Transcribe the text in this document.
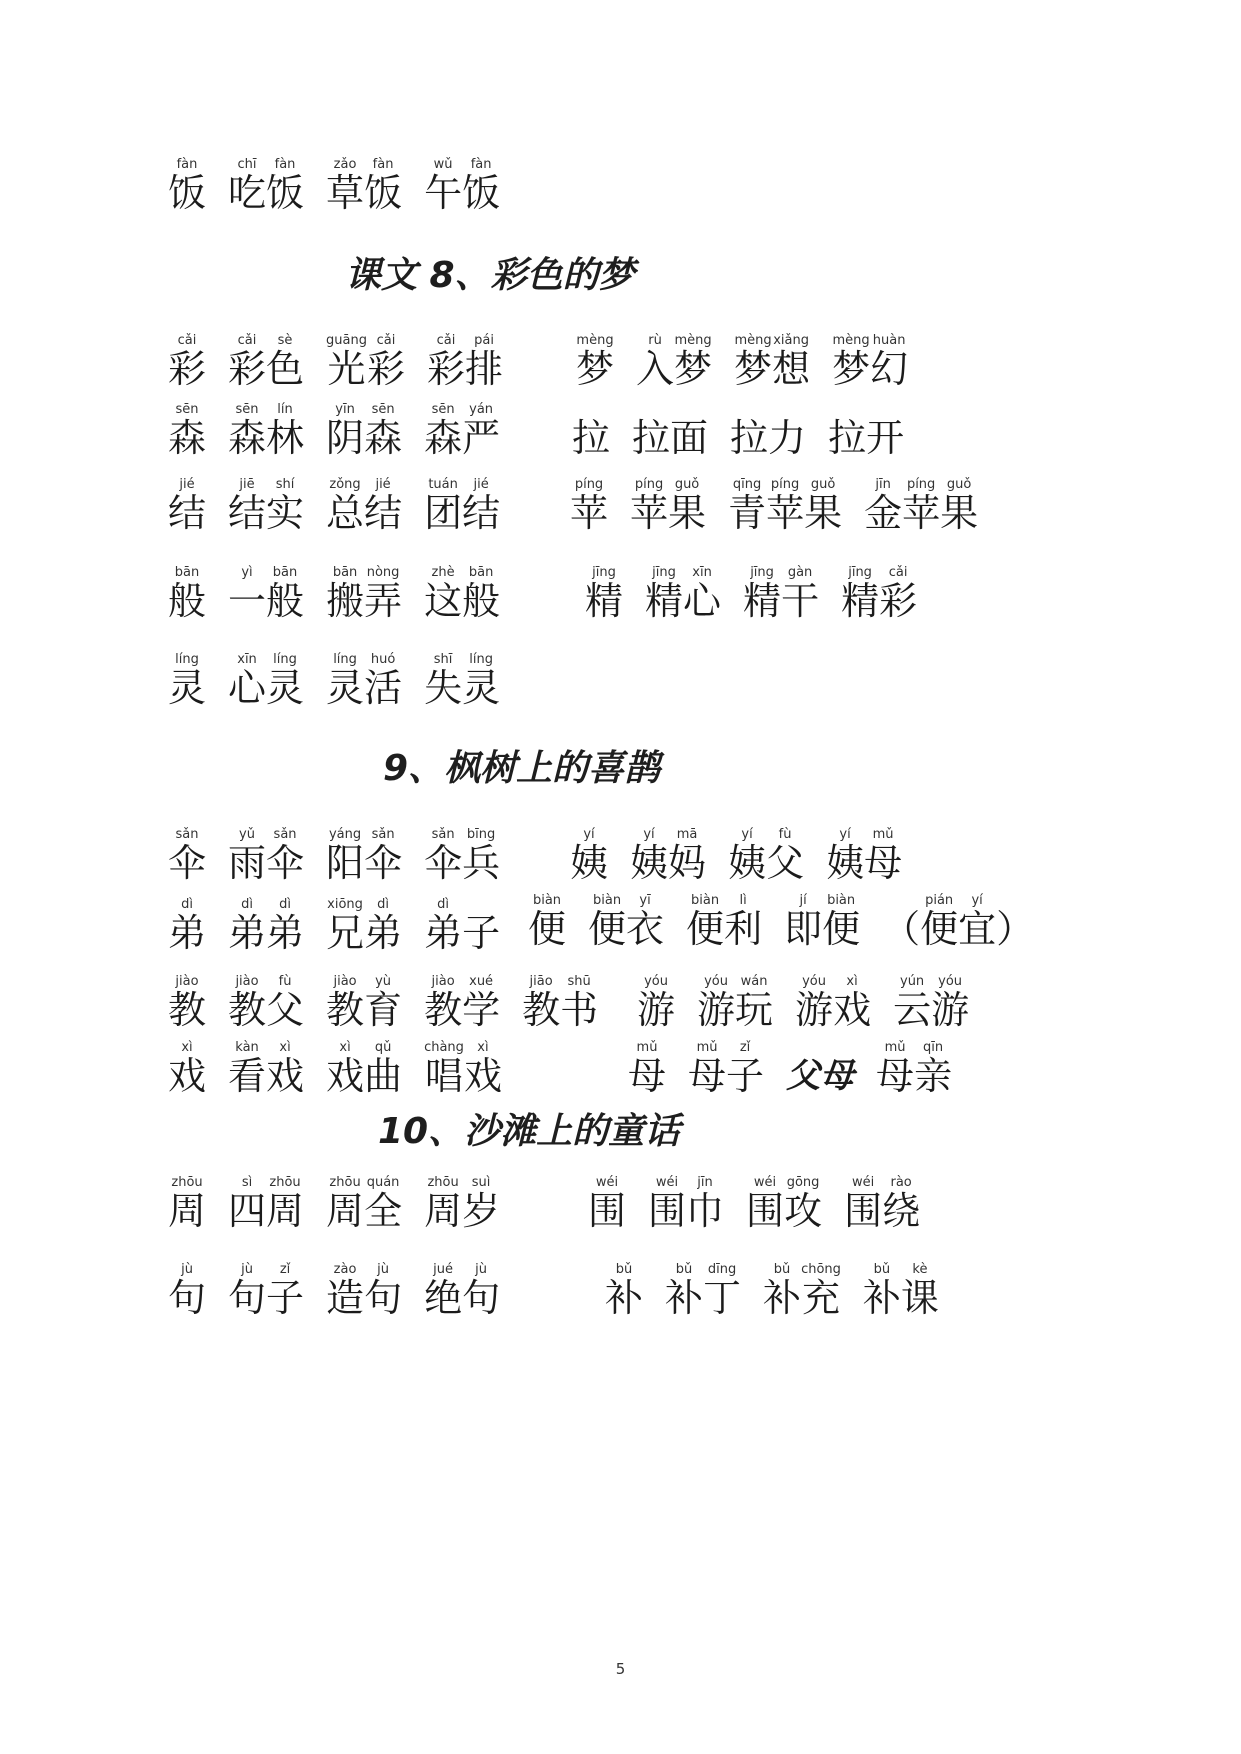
课文 8、彩色的梦
9、枫树上的喜鹊
10、沙滩上的童话
fàn
饭
chī
吃
fàn
饭
zǎo
草
fàn
饭
wǔ
午
fàn
饭
cǎi
彩
cǎi
彩
sè
色
guāng
光
cǎi
彩
cǎi
彩
pái
排
mèng
梦
rù
入
mèng
梦
mèng
梦
xiǎng
想
mèng
梦
huàn
幻
sēn
森
sēn
森
lín
林
yīn
阴
sēn
森
sēn
森
yán
严 拉 拉 面 拉 力 拉 开
jié
结
jiē
结
shí
实
zǒng
总
jié
结
tuán
团
jié
结
píng
苹
píng
苹
guǒ
果
qīng
青
píng
苹
guǒ
果
jīn
金
píng
苹
guǒ
果
bān
般
yì
一
bān
般
bān
搬
nòng
弄
zhè
这
bān
般
jīng
精
jīng
精
xīn
心
jīng
精
gàn
干
jīng
精
cǎi
彩
líng
灵
xīn
心
líng
灵
líng
灵
huó
活
shī
失
líng
灵
sǎn
伞
yǔ
雨
sǎn
伞
yáng
阳
sǎn
伞
sǎn
伞
bīng
兵
yí
姨
yí
姨
mā
妈
yí
姨
fù
父
yí
姨
mǔ
母
dì
弟
dì
弟
dì
弟
xiōng
兄
dì
弟
dì
弟 子
biàn
便
biàn
便
yī
衣
biàn
便
lì
利
jí
即
biàn
便 （
pián
便
yí
宜 ）
jiào
教
jiào
教
fù
父
jiào
教
yù
育
jiào
教
xué
学
jiāo
教
shū
书
yóu
游
yóu
游
wán
玩
yóu
游
xì
戏
yún
云
yóu
游
xì
戏
kàn
看
xì
戏
xì
戏
qǔ
曲
chàng
唱
xì
戏
mǔ
母
mǔ
母
zǐ
子 父 母
mǔ
母
qīn
亲
zhōu
周
sì
四
zhōu
周
zhōu
周
quán
全
zhōu
周
suì
岁
wéi
围
wéi
围
jīn
巾
wéi
围
gōng
攻
wéi
围
rào
绕
jù
句
jù
句
zǐ
子
zào
造
jù
句
jué
绝
jù
句
bǔ
补
bǔ
补
dīng
丁
bǔ
补
chōng
充
bǔ
补
kè
课
5
